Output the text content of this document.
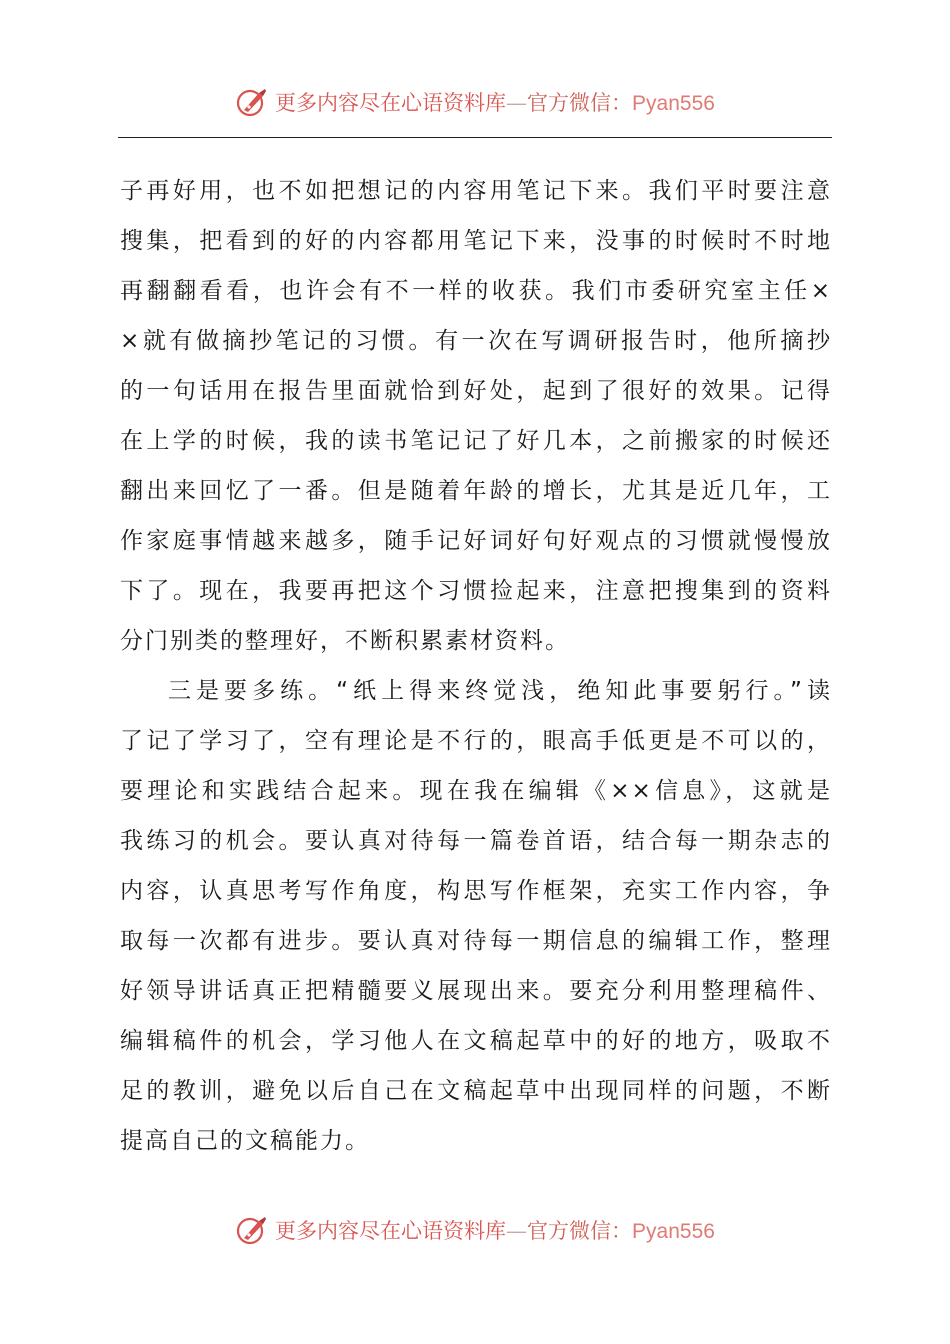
更多内容尽在心语资料库—官方微信：Pyan556
子再好用，也不如把想记的内容用笔记下来。我们平时要注意
搜集，把看到的好的内容都用笔记下来，没事的时候时不时地
再翻翻看看，也许会有不一样的收获。我们市委研究室主任×
×就有做摘抄笔记的习惯。有一次在写调研报告时，他所摘抄
的一句话用在报告里面就恰到好处，起到了很好的效果。记得
在上学的时候，我的读书笔记记了好几本，之前搬家的时候还
翻出来回忆了一番。但是随着年龄的增长，尤其是近几年，工
作家庭事情越来越多，随手记好词好句好观点的习惯就慢慢放
下了。现在，我要再把这个习惯捡起来，注意把搜集到的资料
分门别类的整理好，不断积累素材资料。
三是要多练。“纸上得来终觉浅，绝知此事要躬行。”读
了记了学习了，空有理论是不行的，眼高手低更是不可以的，
要理论和实践结合起来。现在我在编辑《××信息》，这就是
我练习的机会。要认真对待每一篇卷首语，结合每一期杂志的
内容，认真思考写作角度，构思写作框架，充实工作内容，争
取每一次都有进步。要认真对待每一期信息的编辑工作，整理
好领导讲话真正把精髓要义展现出来。要充分利用整理稿件、
编辑稿件的机会，学习他人在文稿起草中的好的地方，吸取不
足的教训，避免以后自己在文稿起草中出现同样的问题，不断
提高自己的文稿能力。
更多内容尽在心语资料库—官方微信：Pyan556
